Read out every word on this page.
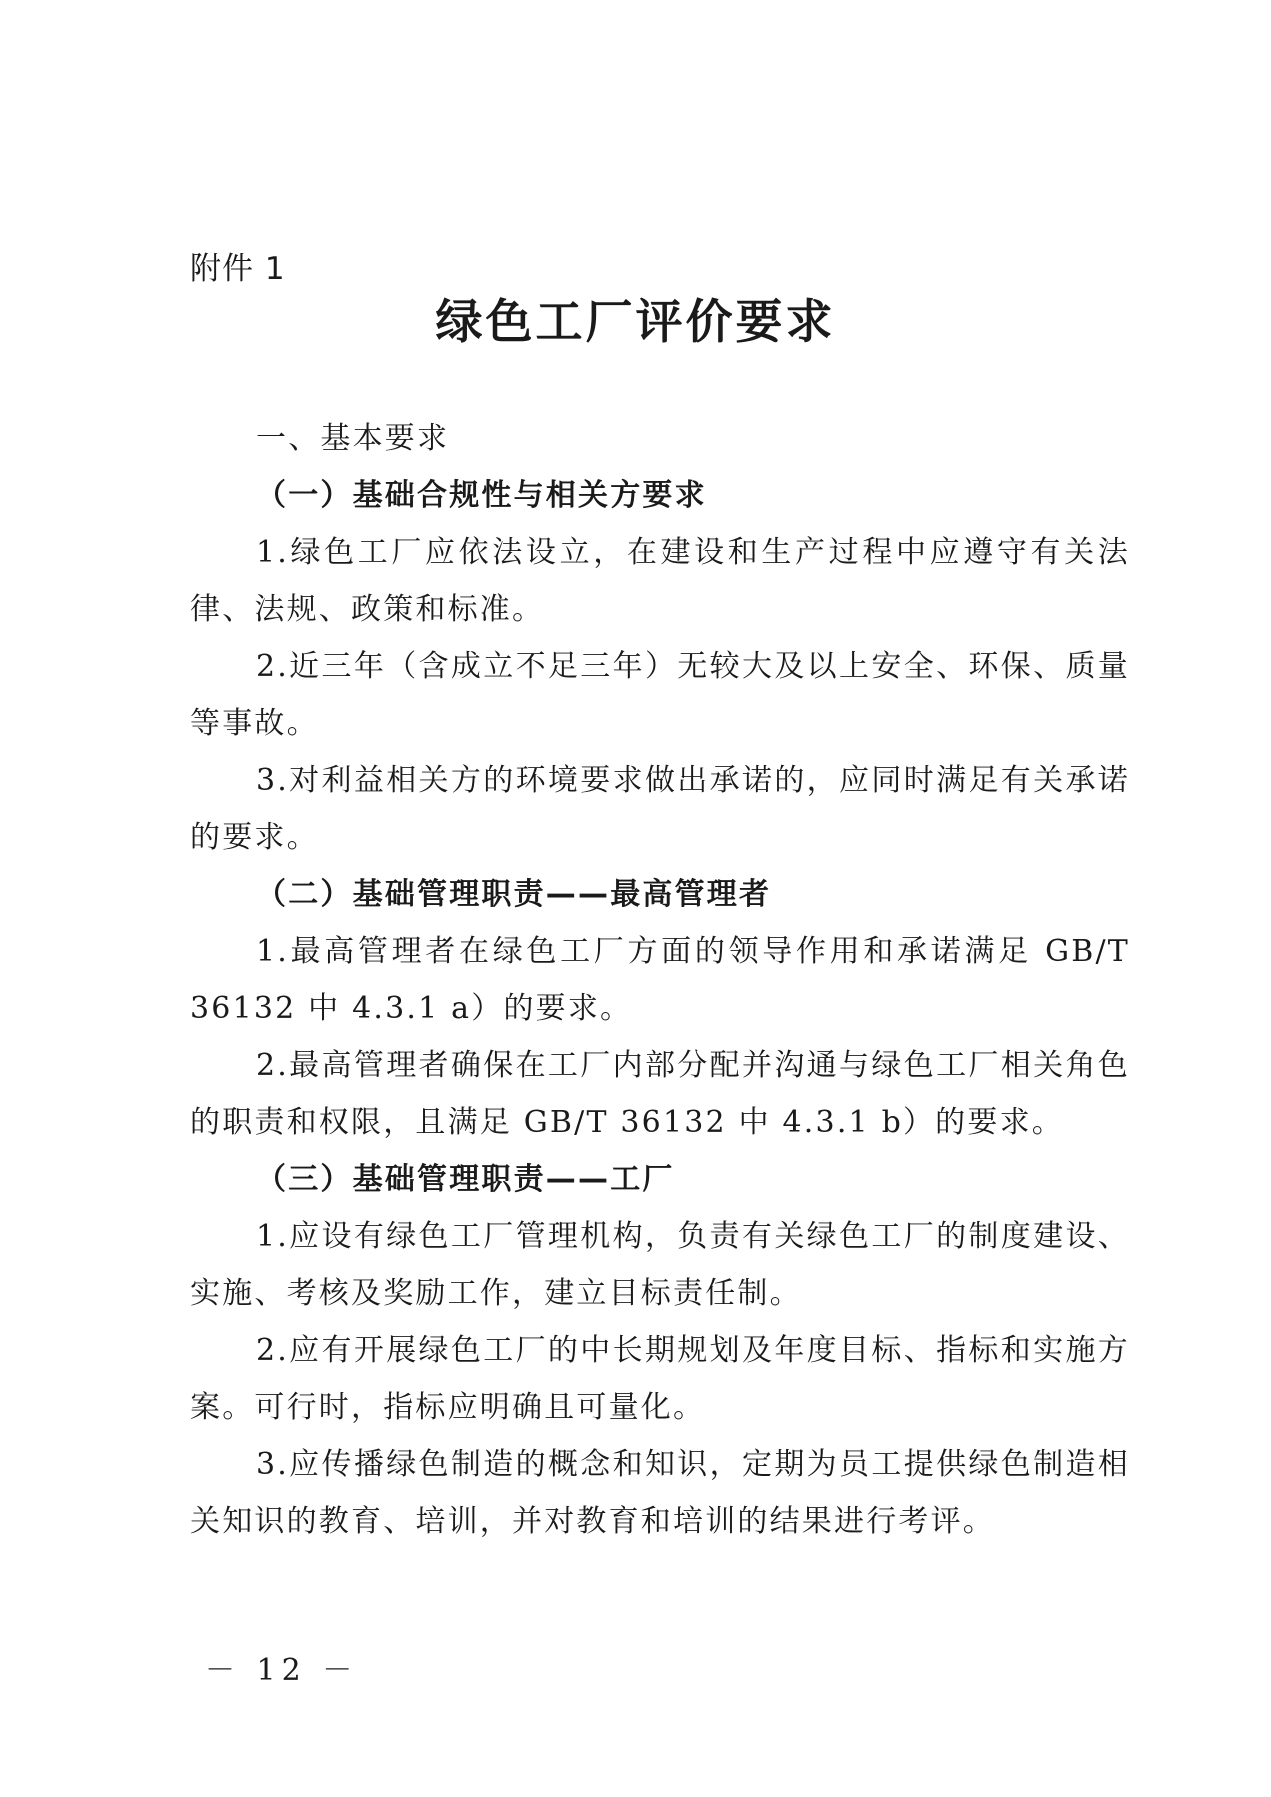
附件 1
绿色工厂评价要求

一、基本要求

（一）基础合规性与相关方要求

1.绿色工厂应依法设立，在建设和生产过程中应遵守有关法律、法规、政策和标准。

2.近三年（含成立不足三年）无较大及以上安全、环保、质量等事故。

3.对利益相关方的环境要求做出承诺的，应同时满足有关承诺的要求。

（二）基础管理职责——最高管理者

1.最高管理者在绿色工厂方面的领导作用和承诺满足 GB/T 36132 中 4.3.1 a）的要求。

2.最高管理者确保在工厂内部分配并沟通与绿色工厂相关角色的职责和权限，且满足 GB/T 36132 中 4.3.1 b）的要求。

（三）基础管理职责——工厂

1.应设有绿色工厂管理机构，负责有关绿色工厂的制度建设、实施、考核及奖励工作，建立目标责任制。

2.应有开展绿色工厂的中长期规划及年度目标、指标和实施方案。可行时，指标应明确且可量化。

3.应传播绿色制造的概念和知识，定期为员工提供绿色制造相关知识的教育、培训，并对教育和培训的结果进行考评。

－ 12 －
